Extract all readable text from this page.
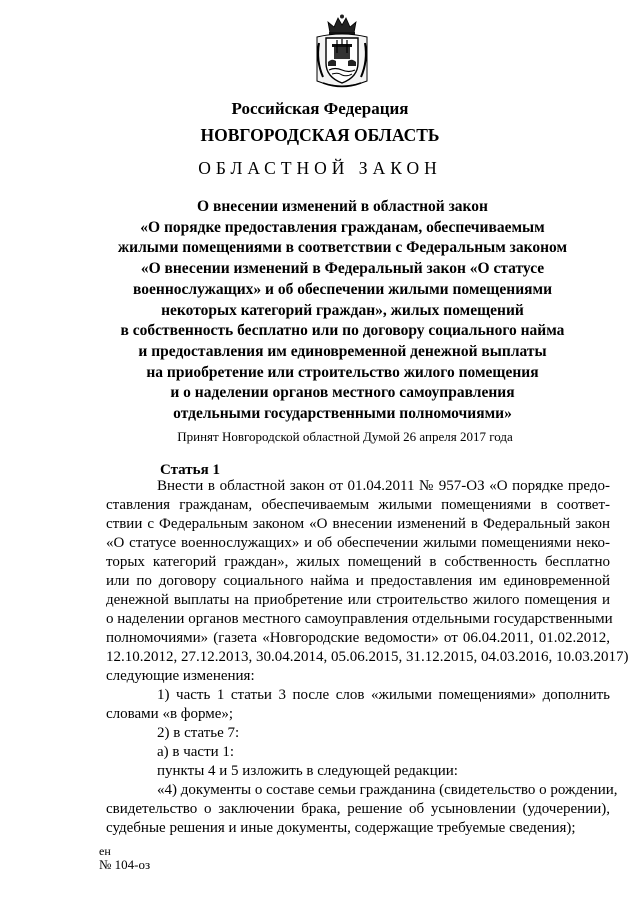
Российская Федерация
НОВГОРОДСКАЯ ОБЛАСТЬ
ОБЛАСТНОЙ ЗАКОН
О внесении изменений в областной закон
«О порядке предоставления гражданам, обеспечиваемым
жилыми помещениями в соответствии с Федеральным законом
«О внесении изменений в Федеральный закон «О статусе
военнослужащих» и об обеспечении жилыми помещениями
некоторых категорий граждан», жилых помещений
в собственность бесплатно или по договору социального найма
и предоставления им единовременной денежной выплаты
на приобретение или строительство жилого помещения
и о наделении органов местного самоуправления
отдельными государственными полномочиями»
Принят Новгородской областной Думой 26 апреля 2017 года
Статья 1
Внести в областной закон от 01.04.2011 № 957-ОЗ «О порядке предо-
ставления гражданам, обеспечиваемым жилыми помещениями в соответ-
ствии с Федеральным законом «О внесении изменений в Федеральный закон
«О статусе военнослужащих» и об обеспечении жилыми помещениями неко-
торых категорий граждан», жилых помещений в собственность бесплатно
или по договору социального найма и предоставления им единовременной
денежной выплаты на приобретение или строительство жилого помещения и
о наделении органов местного самоуправления отдельными государственными
полномочиями» (газета «Новгородские ведомости» от 06.04.2011, 01.02.2012,
12.10.2012, 27.12.2013, 30.04.2014, 05.06.2015, 31.12.2015, 04.03.2016, 10.03.2017)
следующие изменения:
1) часть 1 статьи 3 после слов «жилыми помещениями» дополнить
словами «в форме»;
2) в статье 7:
а) в части 1:
пункты 4 и 5 изложить в следующей редакции:
«4) документы о составе семьи гражданина (свидетельство о рождении,
свидетельство о заключении брака, решение об усыновлении (удочерении),
судебные решения и иные документы, содержащие требуемые сведения);
ен
№ 104-оз
